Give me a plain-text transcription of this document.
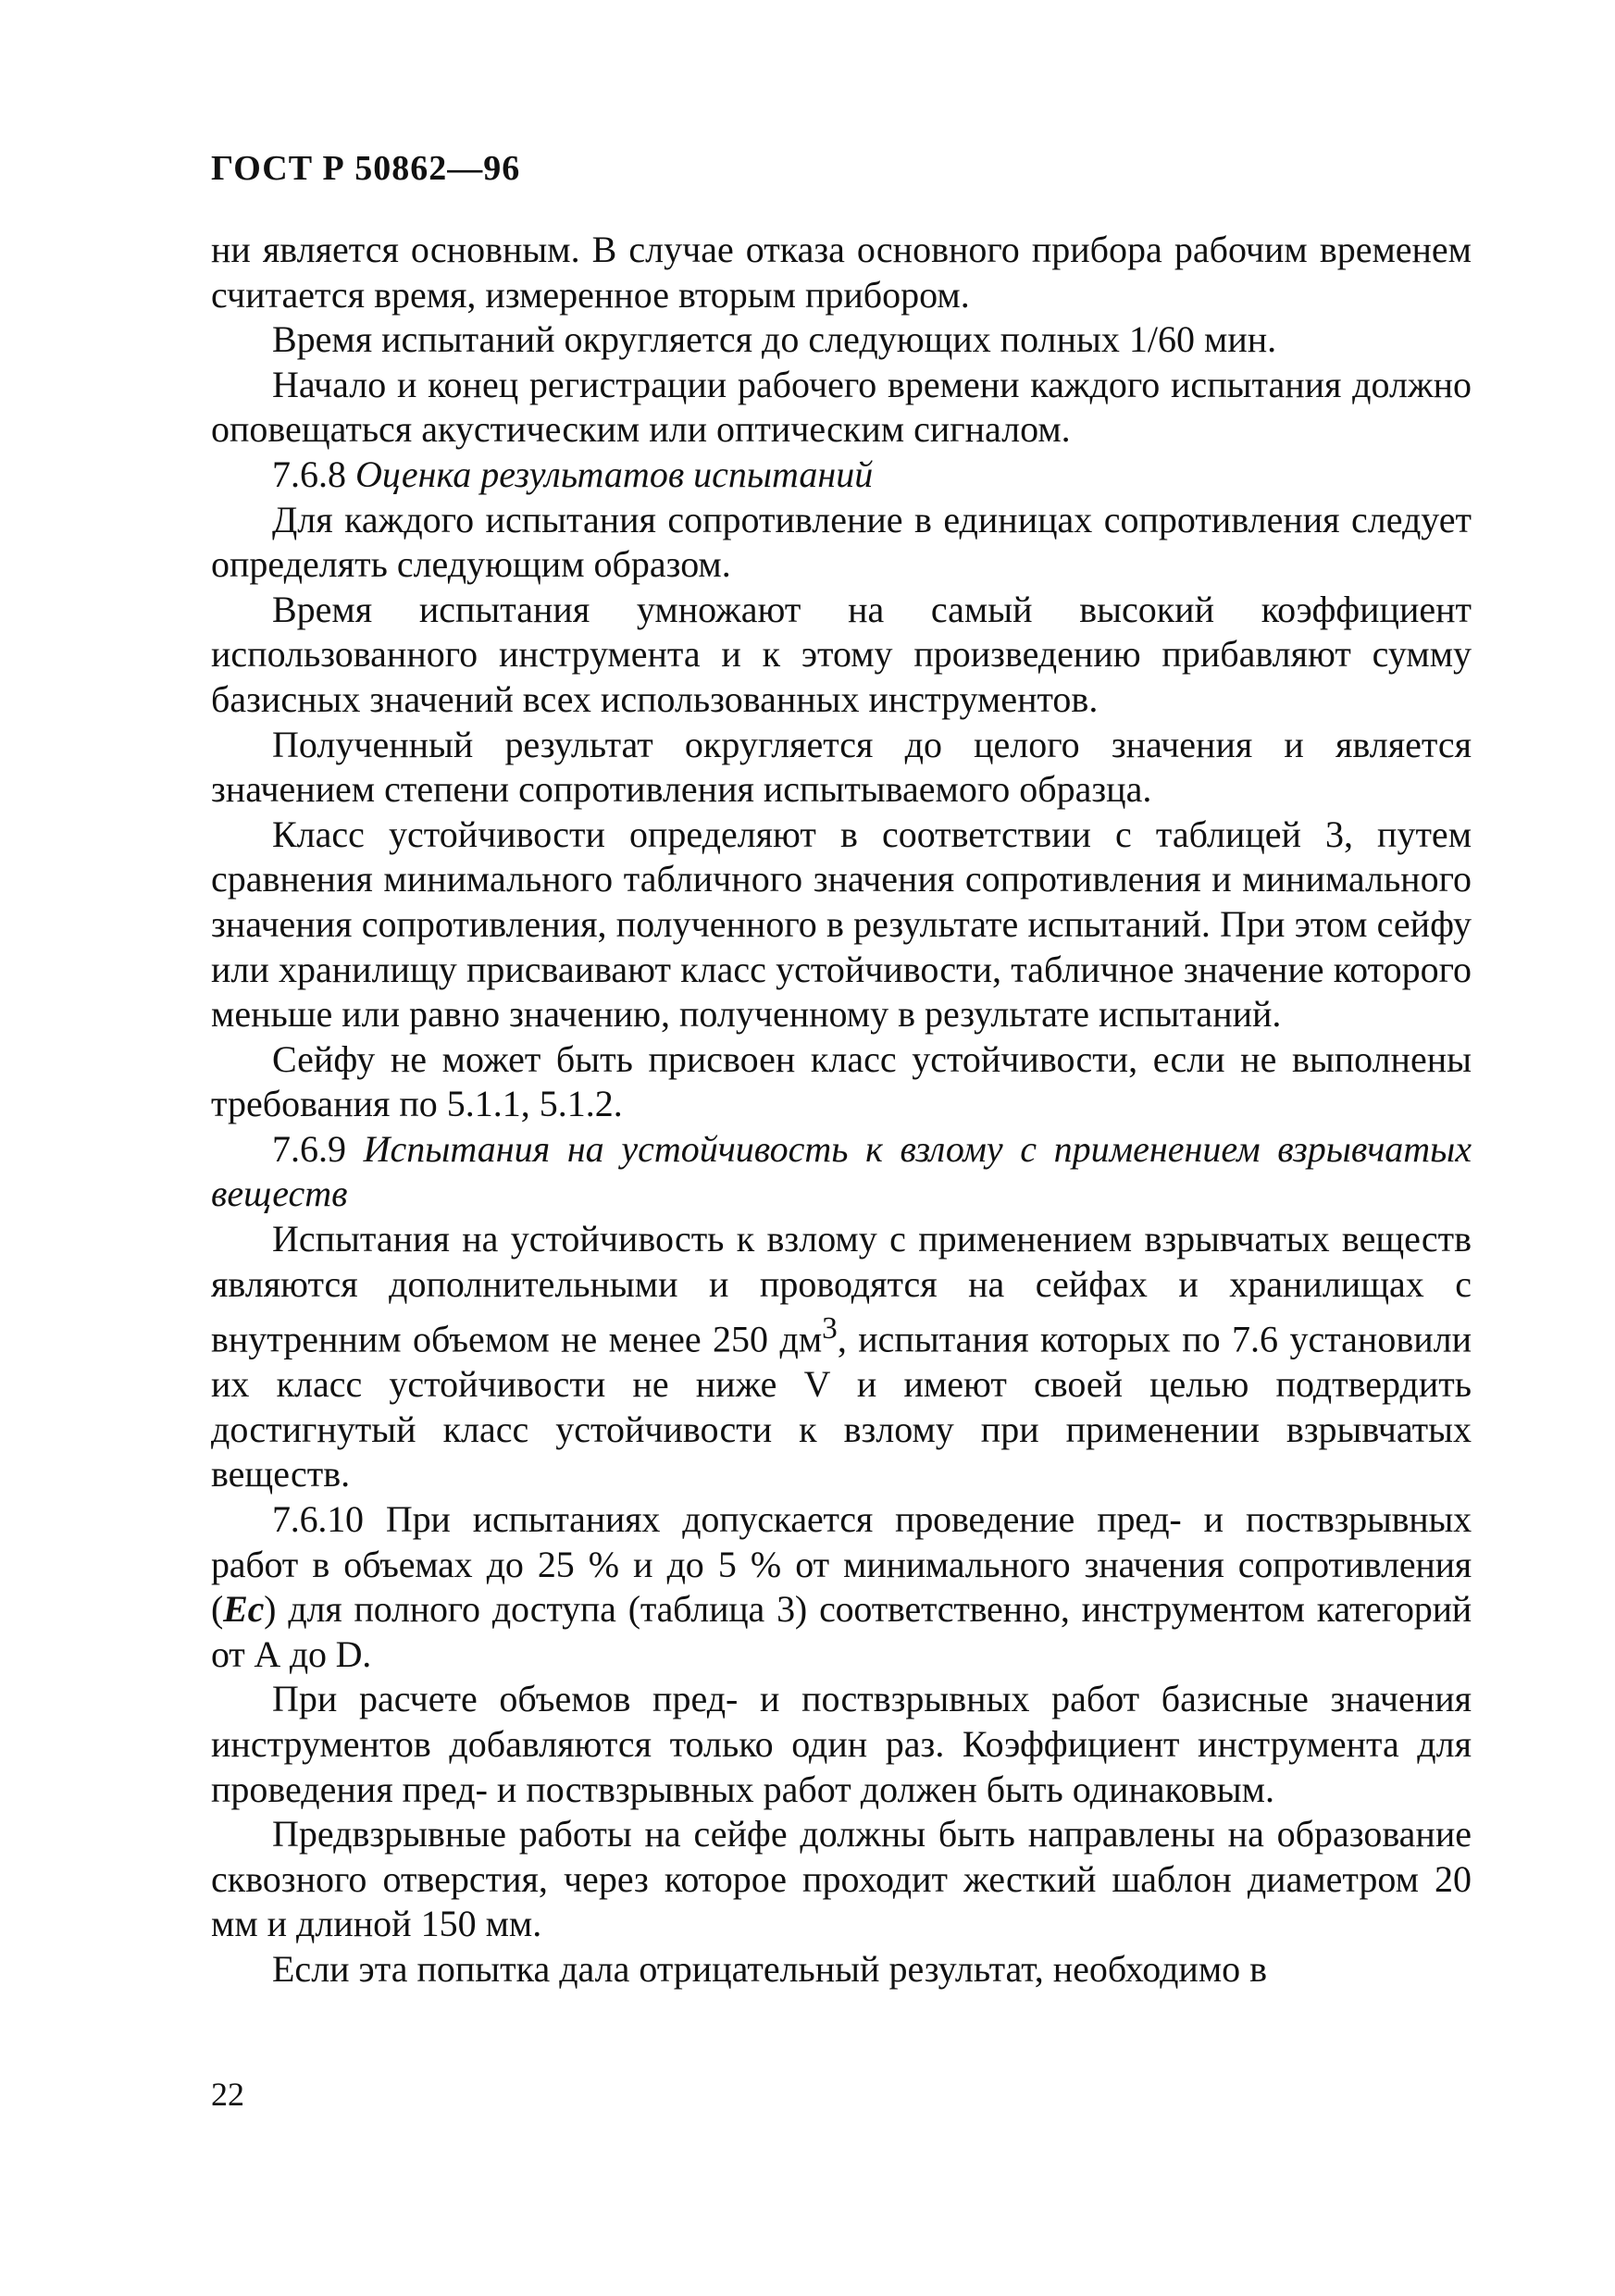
ГОСТ Р 50862—96

ни является основным. В случае отказа основного прибора рабочим временем считается время, измеренное вторым прибором.

Время испытаний округляется до следующих полных 1/60 мин.

Начало и конец регистрации рабочего времени каждого испытания должно оповещаться акустическим или оптическим сигналом.

7.6.8 Оценка результатов испытаний

Для каждого испытания сопротивление в единицах сопротивления следует определять следующим образом.

Время испытания умножают на самый высокий коэффициент использованного инструмента и к этому произведению прибавляют сумму базисных значений всех использованных инструментов.

Полученный результат округляется до целого значения и является значением степени сопротивления испытываемого образца.

Класс устойчивости определяют в соответствии с таблицей 3, путем сравнения минимального табличного значения сопротивления и минимального значения сопротивления, полученного в результате испытаний. При этом сейфу или хранилищу присваивают класс устойчивости, табличное значение которого меньше или равно значению, полученному в результате испытаний.

Сейфу не может быть присвоен класс устойчивости, если не выполнены требования по 5.1.1, 5.1.2.

7.6.9 Испытания на устойчивость к взлому с применением взрывчатых веществ

Испытания на устойчивость к взлому с применением взрывчатых веществ являются дополнительными и проводятся на сейфах и хранилищах с внутренним объемом не менее 250 $дм^3$, испытания которых по 7.6 установили их класс устойчивости не ниже V и имеют своей целью подтвердить достигнутый класс устойчивости к взлому при применении взрывчатых веществ.

7.6.10 При испытаниях допускается проведение пред- и поствзрывных работ в объемах до 25 % и до 5 % от минимального значения сопротивления (Ec) для полного доступа (таблица 3) соответственно, инструментом категорий от А до D.

При расчете объемов пред- и поствзрывных работ базисные значения инструментов добавляются только один раз. Коэффициент инструмента для проведения пред- и поствзрывных работ должен быть одинаковым.

Предвзрывные работы на сейфе должны быть направлены на образование сквозного отверстия, через которое проходит жесткий шаблон диаметром 20 мм и длиной 150 мм.

Если эта попытка дала отрицательный результат, необходимо в

22
